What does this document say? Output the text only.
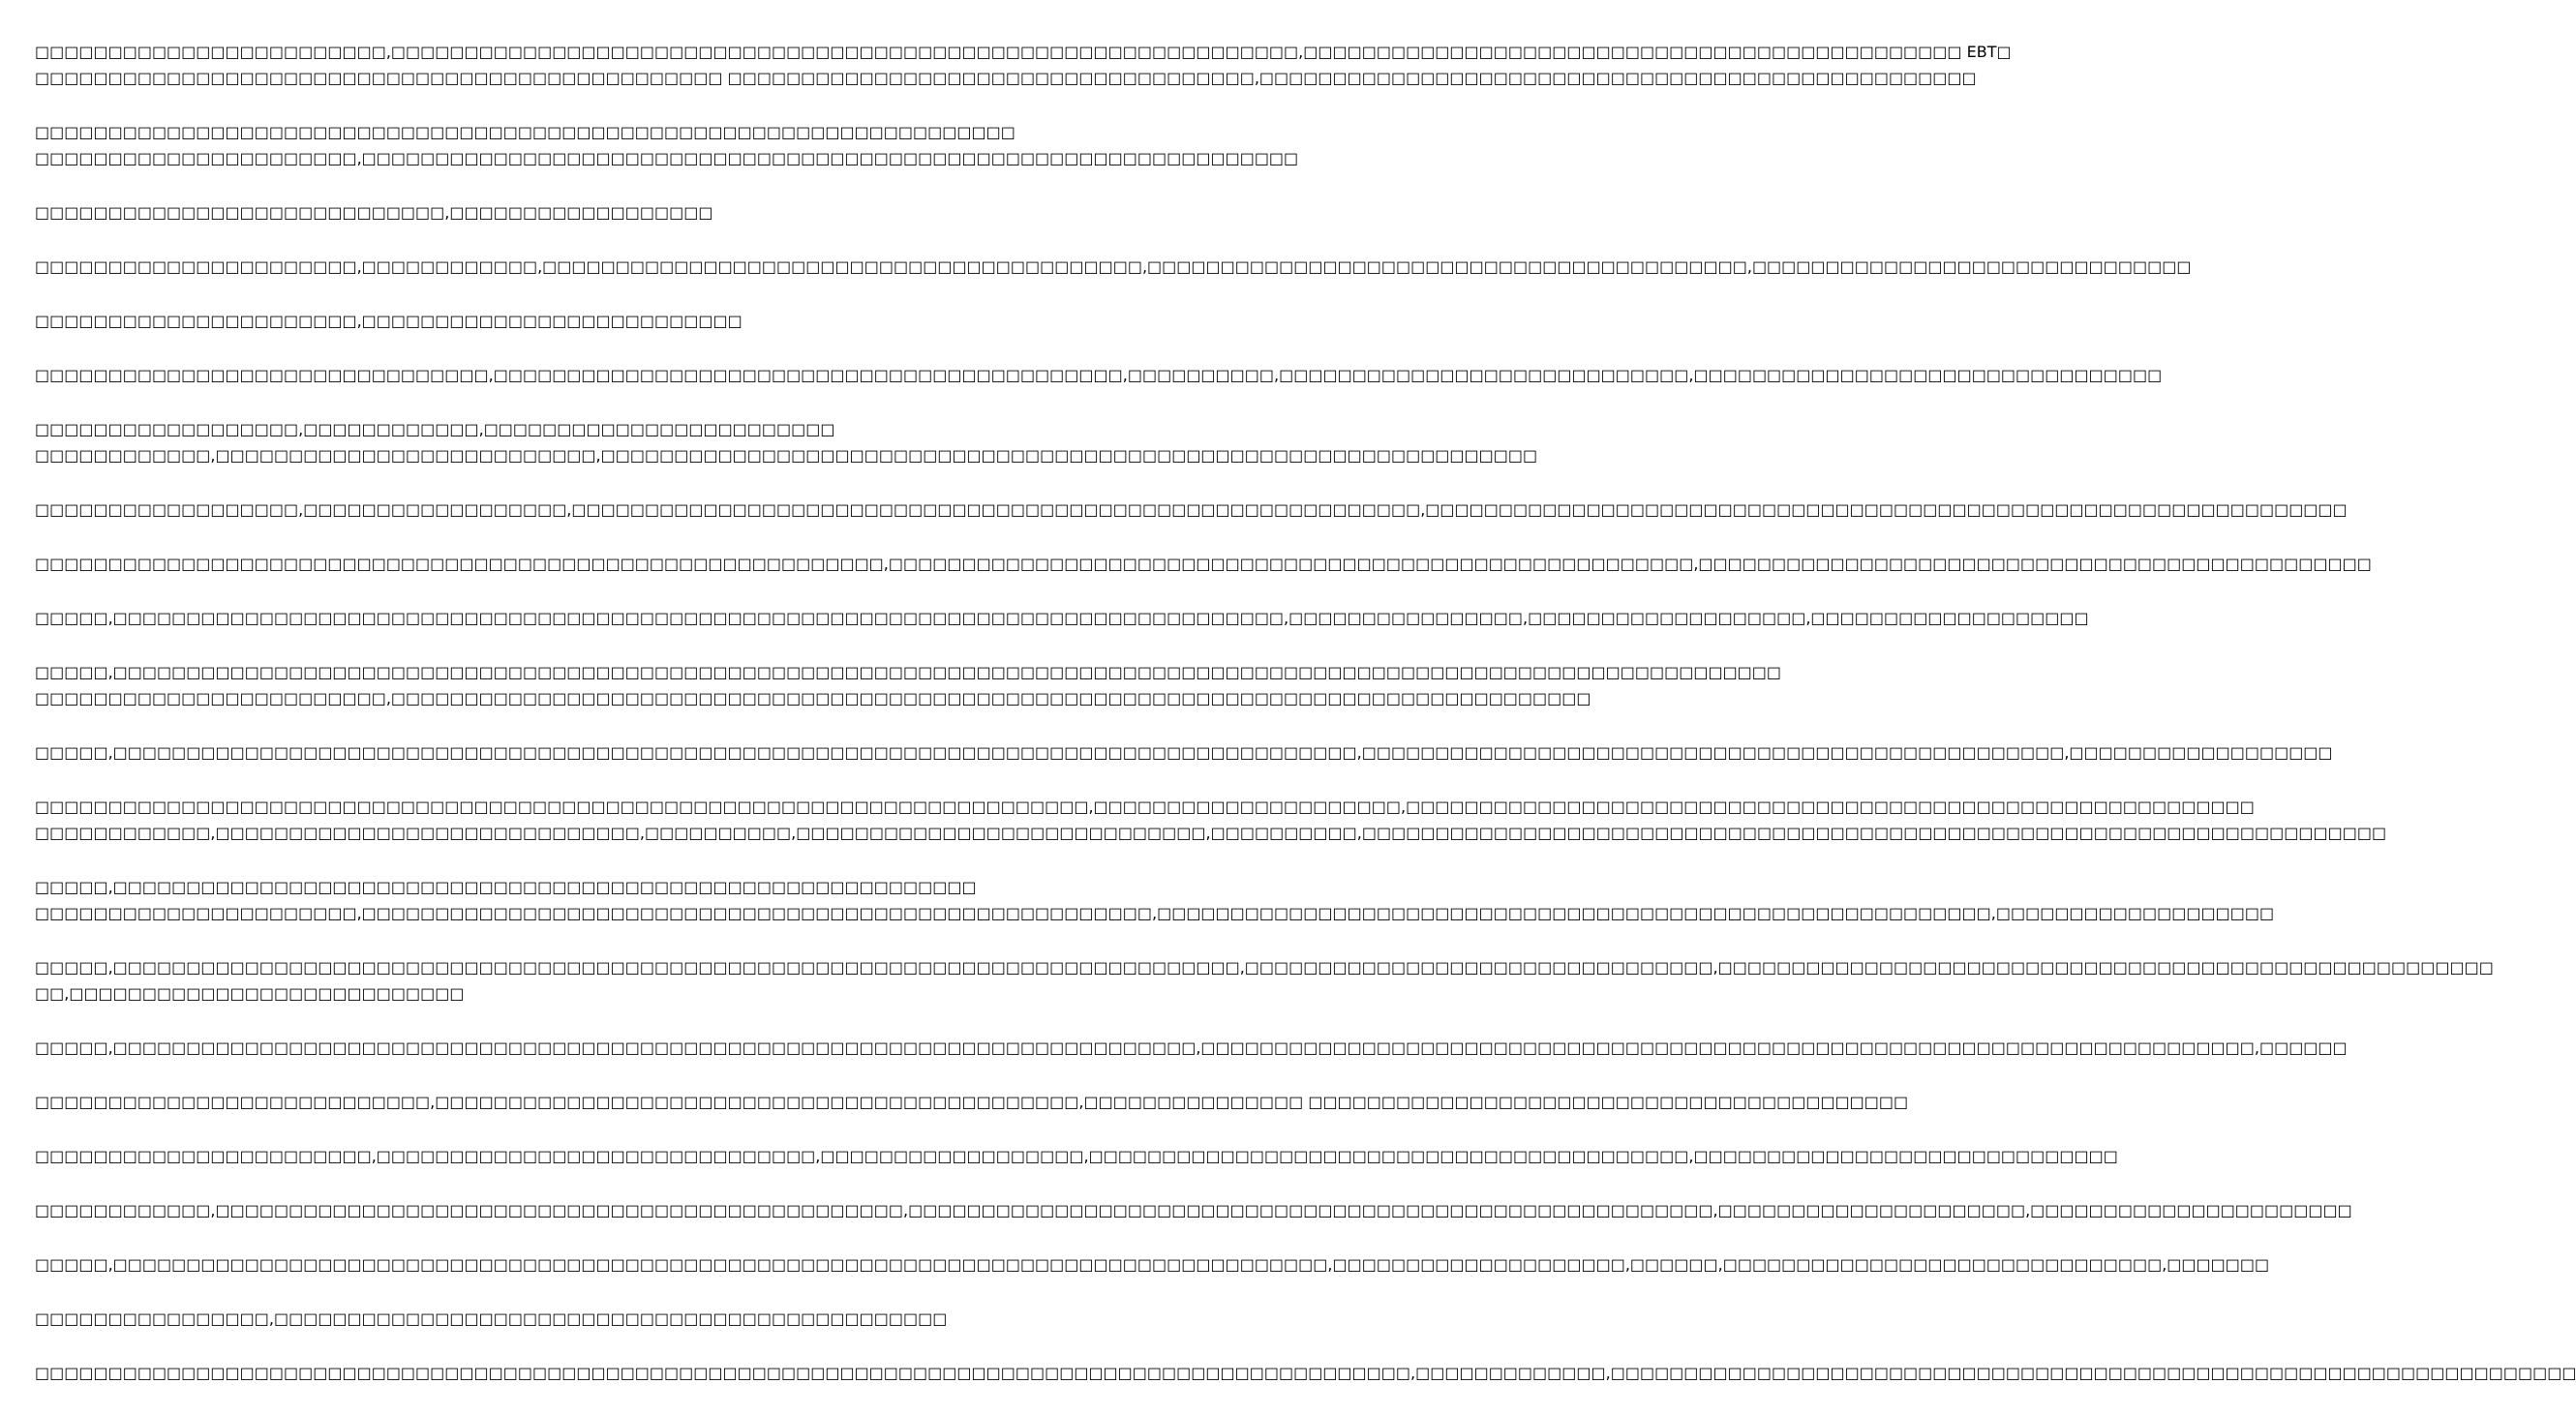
□□□□□□□□□□□□□□□□□□□□□□□□,□□□□□□□□□□□□□□□□□□□□□□□□□□□□□□□□□□□□□□□□□□□□□□□□□□□□□□□□□□□□□□,□□□□□□□□□□□□□□□□□□□□□□□□□□□□□□□□□□□□□□□□□□□□□ EBT□
□□□□□□□□□□□□□□□□□□□□□□□□□□□□□□□□□□□□□□□□□□□□□□□ □□□□□□□□□□□□□□□□□□□□□□□□□□□□□□□□□□□□,□□□□□□□□□□□□□□□□□□□□□□□□□□□□□□□□□□□□□□□□□□□□□□□□□
□□□□□□□□□□□□□□□□□□□□□□□□□□□□□□□□□□□□□□□□□□□□□□□□□□□□□□□□□□□□□□□□□□□
□□□□□□□□□□□□□□□□□□□□□□,□□□□□□□□□□□□□□□□□□□□□□□□□□□□□□□□□□□□□□□□□□□□□□□□□□□□□□□□□□□□□□□□
□□□□□□□□□□□□□□□□□□□□□□□□□□□□,□□□□□□□□□□□□□□□□□□
□□□□□□□□□□□□□□□□□□□□□□,□□□□□□□□□□□□,□□□□□□□□□□□□□□□□□□□□□□□□□□□□□□□□□□□□□□□□□,□□□□□□□□□□□□□□□□□□□□□□□□□□□□□□□□□□□□□□□□□,□□□□□□□□□□□□□□□□□□□□□□□□□□□□□□
□□□□□□□□□□□□□□□□□□□□□□,□□□□□□□□□□□□□□□□□□□□□□□□□□
□□□□□□□□□□□□□□□□□□□□□□□□□□□□□□□,□□□□□□□□□□□□□□□□□□□□□□□□□□□□□□□□□□□□□□□□□□□,□□□□□□□□□□,□□□□□□□□□□□□□□□□□□□□□□□□□□□□,□□□□□□□□□□□□□□□□□□□□□□□□□□□□□□□□
□□□□□□□□□□□□□□□□□□,□□□□□□□□□□□□,□□□□□□□□□□□□□□□□□□□□□□□□
□□□□□□□□□□□□,□□□□□□□□□□□□□□□□□□□□□□□□□□,□□□□□□□□□□□□□□□□□□□□□□□□□□□□□□□□□□□□□□□□□□□□□□□□□□□□□□□□□□□□□□□□
□□□□□□□□□□□□□□□□□□,□□□□□□□□□□□□□□□□□□,□□□□□□□□□□□□□□□□□□□□□□□□□□□□□□□□□□□□□□□□□□□□□□□□□□□□□□□□□□,□□□□□□□□□□□□□□□□□□□□□□□□□□□□□□□□□□□□□□□□□□□□□□□□□□□□□□□□□□□□□□□
□□□□□□□□□□□□□□□□□□□□□□□□□□□□□□□□□□□□□□□□□□□□□□□□□□□□□□□□□□,□□□□□□□□□□□□□□□□□□□□□□□□□□□□□□□□□□□□□□□□□□□□□□□□□□□□□□□,□□□□□□□□□□□□□□□□□□□□□□□□□□□□□□□□□□□□□□□□□□□□□□
□□□□□,□□□□□□□□□□□□□□□□□□□□□□□□□□□□□□□□□□□□□□□□□□□□□□□□□□□□□□□□□□□□□□□□□□□□□□□□□□□□□□□□,□□□□□□□□□□□□□□□□,□□□□□□□□□□□□□□□□□□□,□□□□□□□□□□□□□□□□□□□
□□□□□,□□□□□□□□□□□□□□□□□□□□□□□□□□□□□□□□□□□□□□□□□□□□□□□□□□□□□□□□□□□□□□□□□□□□□□□□□□□□□□□□□□□□□□□□□□□□□□□□□□□□□□□□□□□□□□□□□□
□□□□□□□□□□□□□□□□□□□□□□□□,□□□□□□□□□□□□□□□□□□□□□□□□□□□□□□□□□□□□□□□□□□□□□□□□□□□□□□□□□□□□□□□□□□□□□□□□□□□□□□□□□□
□□□□□,□□□□□□□□□□□□□□□□□□□□□□□□□□□□□□□□□□□□□□□□□□□□□□□□□□□□□□□□□□□□□□□□□□□□□□□□□□□□□□□□□□□□□,□□□□□□□□□□□□□□□□□□□□□□□□□□□□□□□□□□□□□□□□□□□□□□□□,□□□□□□□□□□□□□□□□□□
□□□□□□□□□□□□□□□□□□□□□□□□□□□□□□□□□□□□□□□□□□□□□□□□□□□□□□□□□□□□□□□□□□□□□□□□,□□□□□□□□□□□□□□□□□□□□□,□□□□□□□□□□□□□□□□□□□□□□□□□□□□□□□□□□□□□□□□□□□□□□□□□□□□□□□□□□
□□□□□□□□□□□□,□□□□□□□□□□□□□□□□□□□□□□□□□□□□□,□□□□□□□□□□,□□□□□□□□□□□□□□□□□□□□□□□□□□□□,□□□□□□□□□□,□□□□□□□□□□□□□□□□□□□□□□□□□□□□□□□□□□□□□□□□□□□□□□□□□□□□□□□□□□□□□□□□□□□□□□
□□□□□,□□□□□□□□□□□□□□□□□□□□□□□□□□□□□□□□□□□□□□□□□□□□□□□□□□□□□□□□□□□
□□□□□□□□□□□□□□□□□□□□□□,□□□□□□□□□□□□□□□□□□□□□□□□□□□□□□□□□□□□□□□□□□□□□□□□□□□□□□,□□□□□□□□□□□□□□□□□□□□□□□□□□□□□□□□□□□□□□□□□□□□□□□□□□□□□□□□□,□□□□□□□□□□□□□□□□□□□
□□□□□,□□□□□□□□□□□□□□□□□□□□□□□□□□□□□□□□□□□□□□□□□□□□□□□□□□□□□□□□□□□□□□□□□□□□□□□□□□□□□,□□□□□□□□□□□□□□□□□□□□□□□□□□□□□□□□,□□□□□□□□□□□□□□□□□□□□□□□□□□□□□□□□□□□□□□□□□□□□□□□□□□□□□
□□,□□□□□□□□□□□□□□□□□□□□□□□□□□□
□□□□□,□□□□□□□□□□□□□□□□□□□□□□□□□□□□□□□□□□□□□□□□□□□□□□□□□□□□□□□□□□□□□□□□□□□□□□□□□□,□□□□□□□□□□□□□□□□□□□□□□□□□□□□□□□□□□□□□□□□□□□□□□□□□□□□□□□□□□□□□□□□□□□□□□□□,□□□□□□
□□□□□□□□□□□□□□□□□□□□□□□□□□□,□□□□□□□□□□□□□□□□□□□□□□□□□□□□□□□□□□□□□□□□□□□□,□□□□□□□□□□□□□□□ □□□□□□□□□□□□□□□□□□□□□□□□□□□□□□□□□□□□□□□□□
□□□□□□□□□□□□□□□□□□□□□□□,□□□□□□□□□□□□□□□□□□□□□□□□□□□□□□,□□□□□□□□□□□□□□□□□□,□□□□□□□□□□□□□□□□□□□□□□□□□□□□□□□□□□□□□□□□□,□□□□□□□□□□□□□□□□□□□□□□□□□□□□□
□□□□□□□□□□□□,□□□□□□□□□□□□□□□□□□□□□□□□□□□□□□□□□□□□□□□□□□□□□□□,□□□□□□□□□□□□□□□□□□□□□□□□□□□□□□□□□□□□□□□□□□□□□□□□□□□□□□□,□□□□□□□□□□□□□□□□□□□□□,□□□□□□□□□□□□□□□□□□□□□□
□□□□□,□□□□□□□□□□□□□□□□□□□□□□□□□□□□□□□□□□□□□□□□□□□□□□□□□□□□□□□□□□□□□□□□□□□□□□□□□□□□□□□□□□□,□□□□□□□□□□□□□□□□□□□□,□□□□□□,□□□□□□□□□□□□□□□□□□□□□□□□□□□□□□,□□□□□□□
□□□□□□□□□□□□□□□□,□□□□□□□□□□□□□□□□□□□□□□□□□□□□□□□□□□□□□□□□□□□□□□
□□□□□□□□□□□□□□□□□□□□□□□□□□□□□□□□□□□□□□□□□□□□□□□□□□□□□□□□□□□□□□□□□□□□□□□□□□□□□□□□□□□□□□□□□□□□□□,□□□□□□□□□□□□□,□□□□□□□□□□□□□□□□□□□□□□□□□□□□□□□□□□□□□□□□□□□□□□□□□□□□□□□□□□□□□□□□□□
